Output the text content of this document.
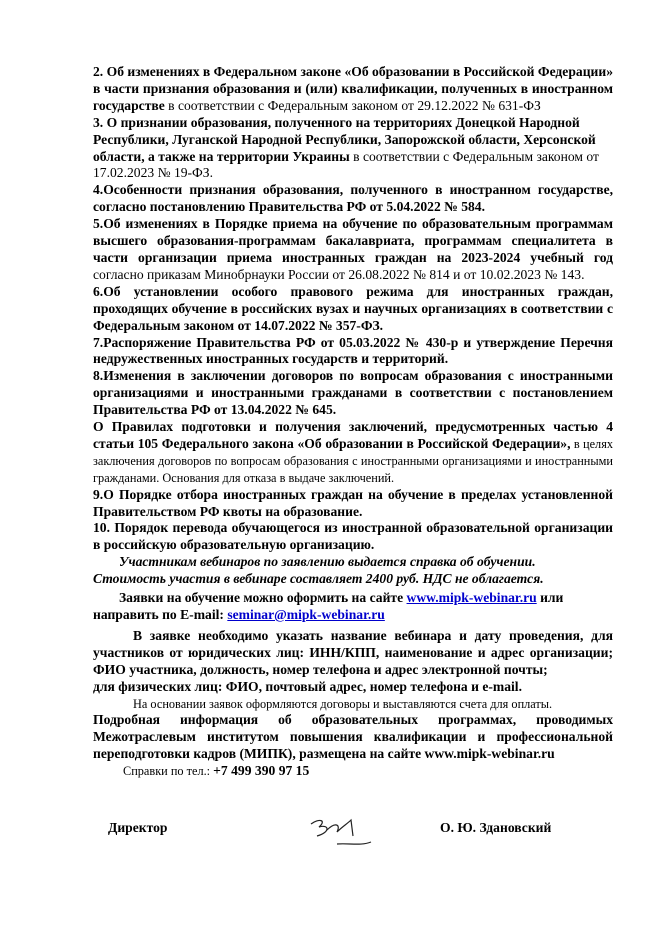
2. Об изменениях в Федеральном законе «Об образовании в Российской Федерации» в части признания образования и (или) квалификации, полученных в иностранном государстве в соответствии с Федеральным законом от 29.12.2022 № 631-ФЗ

3. О признании образования, полученного на территориях Донецкой Народной Республики, Луганской Народной Республики, Запорожской области, Херсонской области, а также на территории Украины в соответствии с Федеральным законом от 17.02.2023 № 19-ФЗ.

4.Особенности признания образования, полученного в иностранном государстве, согласно постановлению Правительства РФ от 5.04.2022 № 584.

5.Об изменениях в Порядке приема на обучение по образовательным программам высшего образования-программам бакалавриата, программам специалитета в части организации приема иностранных граждан на 2023-2024 учебный год согласно приказам Минобрнауки России от 26.08.2022 № 814 и от 10.02.2023 № 143.

6.Об установлении особого правового режима для иностранных граждан, проходящих обучение в российских вузах и научных организациях в соответствии с Федеральным законом от 14.07.2022 № 357-ФЗ.

7.Распоряжение Правительства РФ от 05.03.2022 № 430-р и утверждение Перечня недружественных иностранных государств и территорий.

8.Изменения в заключении договоров по вопросам образования с иностранными организациями и иностранными гражданами в соответствии с постановлением Правительства РФ от 13.04.2022 № 645.

О Правилах подготовки и получения заключений, предусмотренных частью 4 статьи 105 Федерального закона «Об образовании в Российской Федерации», в целях заключения договоров по вопросам образования с иностранными организациями и иностранными гражданами. Основания для отказа в выдаче заключений.

9.О Порядке отбора иностранных граждан на обучение в пределах установленной Правительством РФ квоты на образование.

10. Порядок перевода обучающегося из иностранной образовательной организации в российскую образовательную организацию.

Участникам вебинаров по заявлению выдается справка об обучении.

Стоимость участия в вебинаре составляет 2400 руб. НДС не облагается.

Заявки на обучение можно оформить на сайте www.mipk-webinar.ru или направить по E-mail: seminar@mipk-webinar.ru

В заявке необходимо указать название вебинара и дату проведения, для участников от юридических лиц: ИНН/КПП, наименование и адрес организации; ФИО участника, должность, номер телефона и адрес электронной почты;

для физических лиц: ФИО, почтовый адрес, номер телефона и e-mail.

На основании заявок оформляются договоры и выставляются счета для оплаты.

Подробная информация об образовательных программах, проводимых Межотраслевым институтом повышения квалификации и профессиональной переподготовки кадров (МИПК), размещена на сайте www.mipk-webinar.ru

Справки по тел.: +7 499 390 97 15

Директор	О. Ю. Здановский
